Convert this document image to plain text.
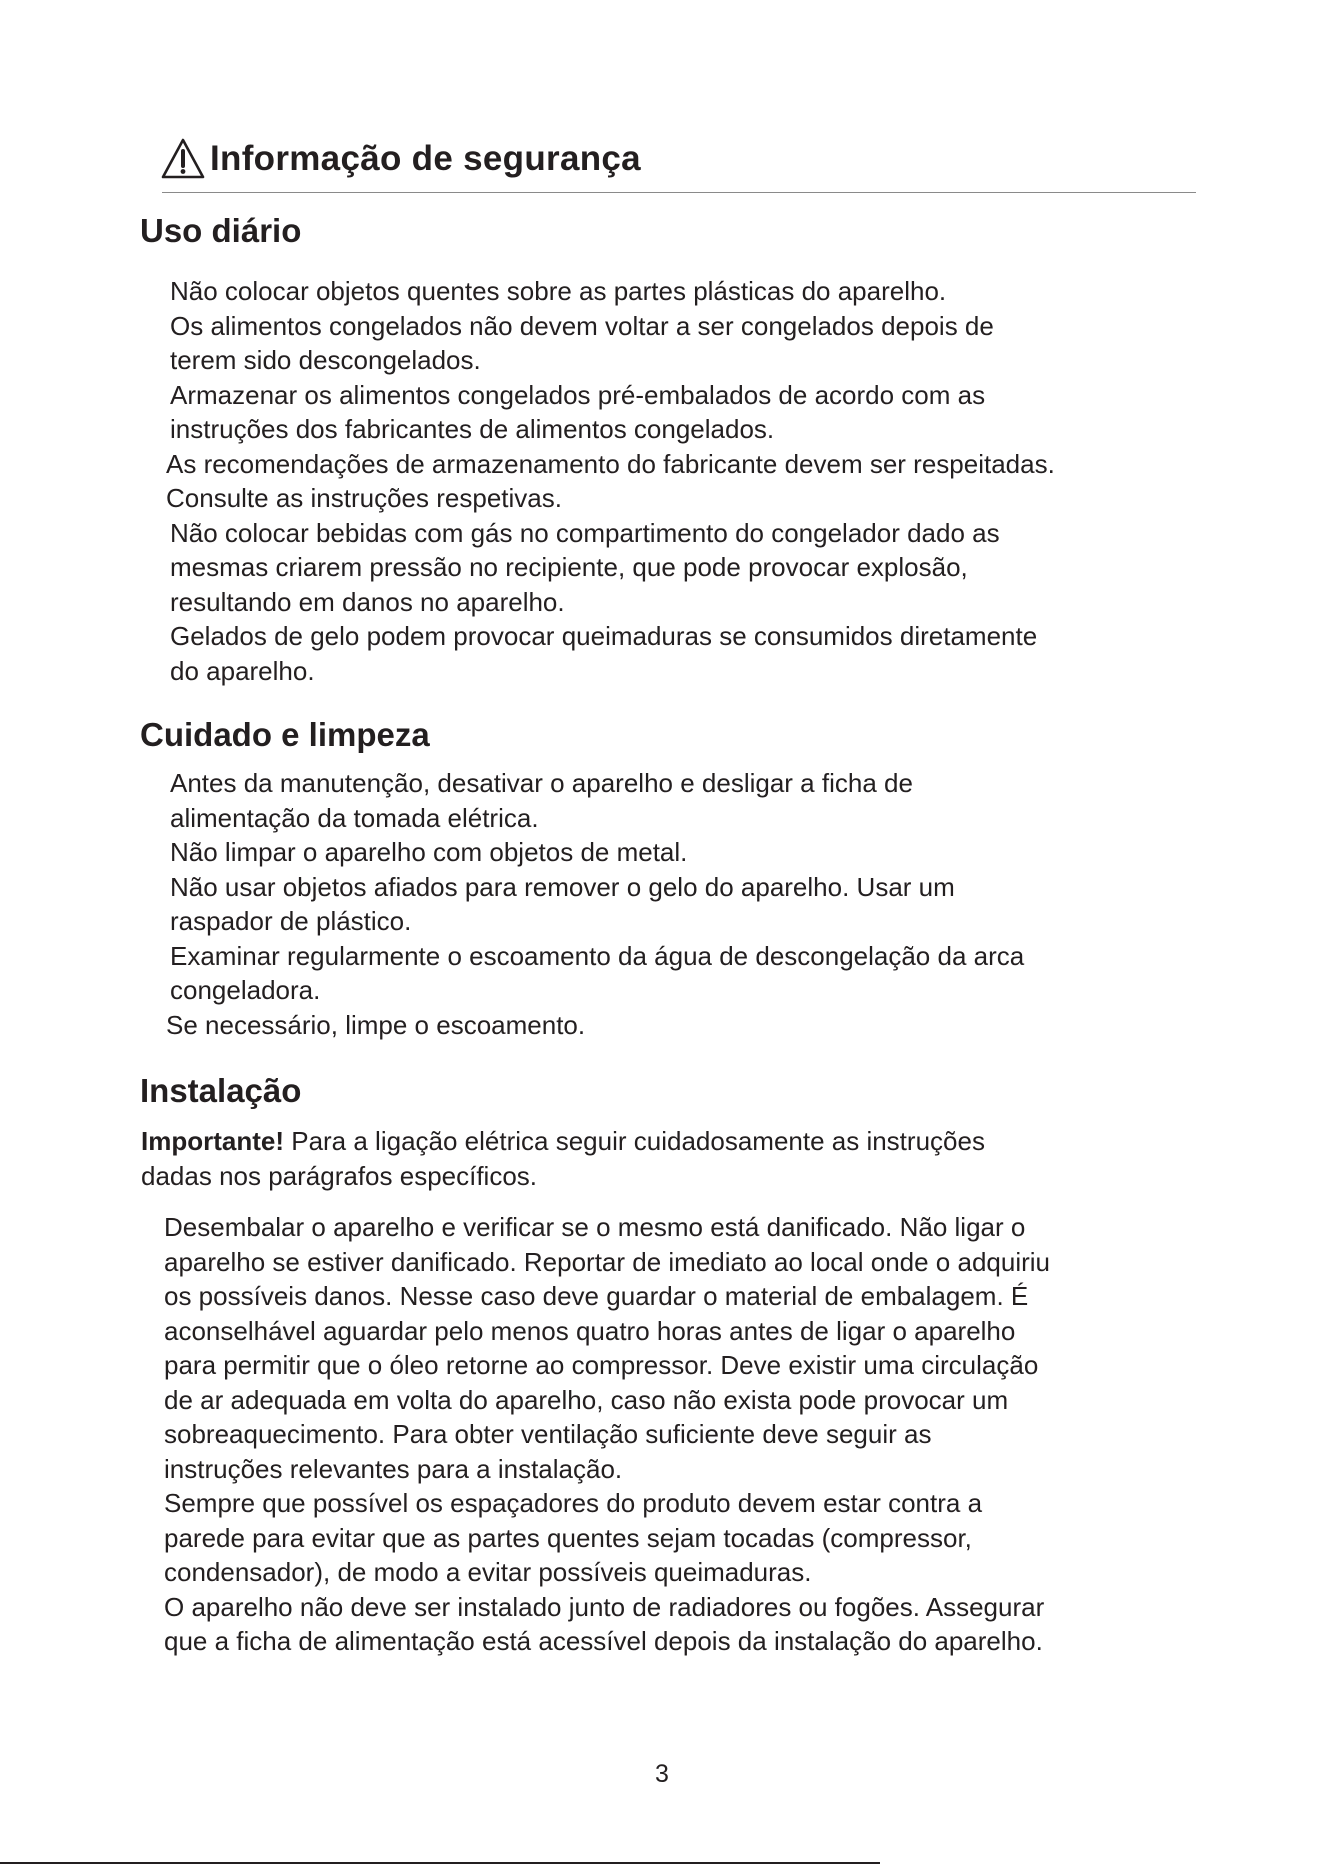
Informação de segurança
Uso diário

Não colocar objetos quentes sobre as partes plásticas do aparelho.

Os alimentos congelados não devem voltar a ser congelados depois de
terem sido descongelados.

Armazenar os alimentos congelados pré-embalados de acordo com as
instruções dos fabricantes de alimentos congelados.

As recomendações de armazenamento do fabricante devem ser respeitadas.
Consulte as instruções respetivas.

Não colocar bebidas com gás no compartimento do congelador dado as
mesmas criarem pressão no recipiente, que pode provocar explosão,
resultando em danos no aparelho.

Gelados de gelo podem provocar queimaduras se consumidos diretamente
do aparelho.

Cuidado e limpeza

Antes da manutenção, desativar o aparelho e desligar a ficha de
alimentação da tomada elétrica.

Não limpar o aparelho com objetos de metal.

Não usar objetos afiados para remover o gelo do aparelho. Usar um
raspador de plástico.

Examinar regularmente o escoamento da água de descongelação da arca
congeladora.

Se necessário, limpe o escoamento.

Instalação

Importante! Para a ligação elétrica seguir cuidadosamente as instruções
dadas nos parágrafos específicos.

Desembalar o aparelho e verificar se o mesmo está danificado. Não ligar o
aparelho se estiver danificado. Reportar de imediato ao local onde o adquiriu
os possíveis danos. Nesse caso deve guardar o material de embalagem. É
aconselhável aguardar pelo menos quatro horas antes de ligar o aparelho
para permitir que o óleo retorne ao compressor. Deve existir uma circulação
de ar adequada em volta do aparelho, caso não exista pode provocar um
sobreaquecimento. Para obter ventilação suficiente deve seguir as
instruções relevantes para a instalação.

Sempre que possível os espaçadores do produto devem estar contra a
parede para evitar que as partes quentes sejam tocadas (compressor,
condensador), de modo a evitar possíveis queimaduras.

O aparelho não deve ser instalado junto de radiadores ou fogões. Assegurar
que a ficha de alimentação está acessível depois da instalação do aparelho.

3
